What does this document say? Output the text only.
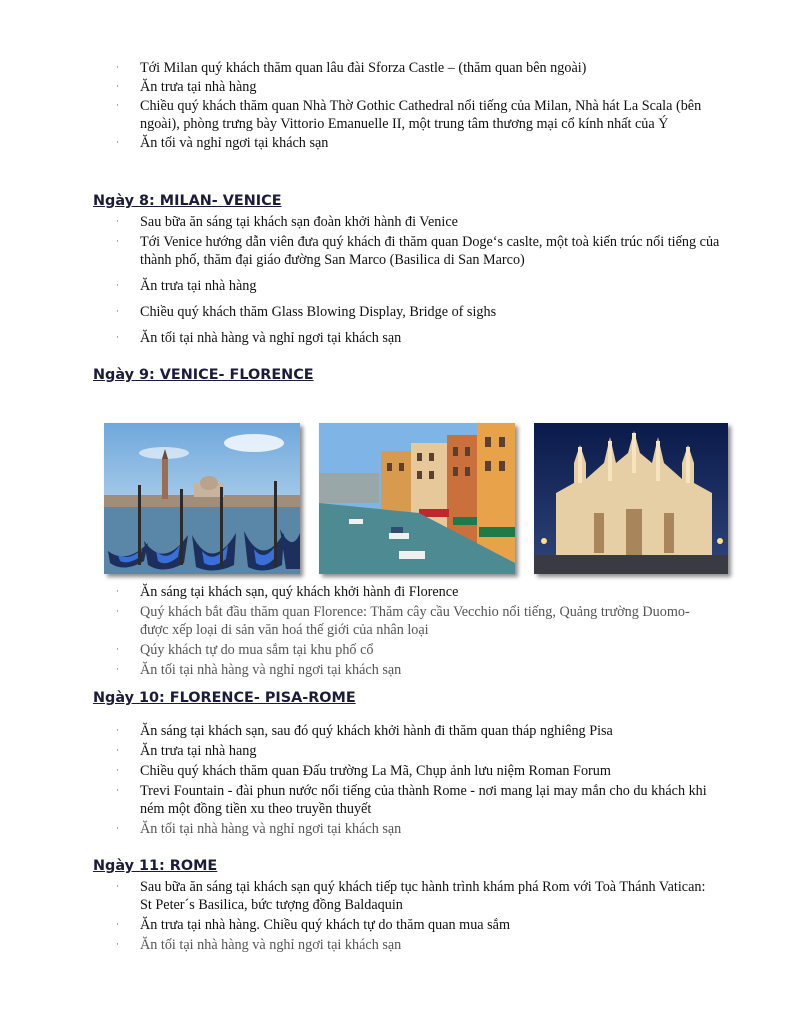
· Tới Milan quý khách thăm quan lâu đài Sforza Castle – (thăm quan bên ngoài)
· Ăn trưa tại nhà hàng
· Chiều quý khách thăm quan Nhà Thờ Gothic Cathedral nổi tiếng của Milan, Nhà hát La Scala (bên ngoài), phòng trưng bày Vittorio Emanuelle II, một trung tâm thương mại cổ kính nhất của Ý
· Ăn tối và nghỉ ngơi tại khách sạn
Ngày 8: MILAN- VENICE
· Sau bữa ăn sáng tại khách sạn đoàn khởi hành đi Venice
· Tới Venice hướng dẫn viên đưa quý khách đi thăm quan Doge‘s caslte, một toà kiến trúc nổi tiếng của thành phố, thăm đại giáo đường San Marco (Basilica di San Marco)
· Ăn trưa tại nhà hàng
· Chiều quý khách thăm Glass Blowing Display, Bridge of sighs
· Ăn tối tại nhà hàng và nghỉ ngơi tại khách sạn
Ngày 9: VENICE- FLORENCE
· Ăn sáng tại khách sạn, quý khách khởi hành đi Florence
· Quý khách bắt đầu thăm quan Florence: Thăm cây cầu Vecchio nổi tiếng, Quảng trường Duomo- được xếp loại di sản văn hoá thế giới của nhân loại
· Qúy khách tự do mua sắm tại khu phố cổ
· Ăn tối tại nhà hàng và nghỉ ngơi tại khách sạn
Ngày 10: FLORENCE- PISA-ROME
· Ăn sáng tại khách sạn, sau đó quý khách khởi hành đi thăm quan tháp nghiêng Pisa
· Ăn trưa tại nhà hang
· Chiều quý khách thăm quan Đấu trường La Mã, Chụp ảnh lưu niệm Roman Forum
· Trevi Fountain - đài phun nước nổi tiếng của thành Rome - nơi mang lại may mắn cho du khách khi ném một đồng tiền xu theo truyền thuyết
· Ăn tối tại nhà hàng và nghỉ ngơi tại khách sạn
Ngày 11: ROME
· Sau bữa ăn sáng tại khách sạn quý khách tiếp tục hành trình khám phá Rom với Toà Thánh Vatican: St Peter´s Basilica, bức tượng đồng Baldaquin
· Ăn trưa tại nhà hàng. Chiều quý khách tự do thăm quan mua sắm
· Ăn tối tại nhà hàng và nghỉ ngơi tại khách sạn
